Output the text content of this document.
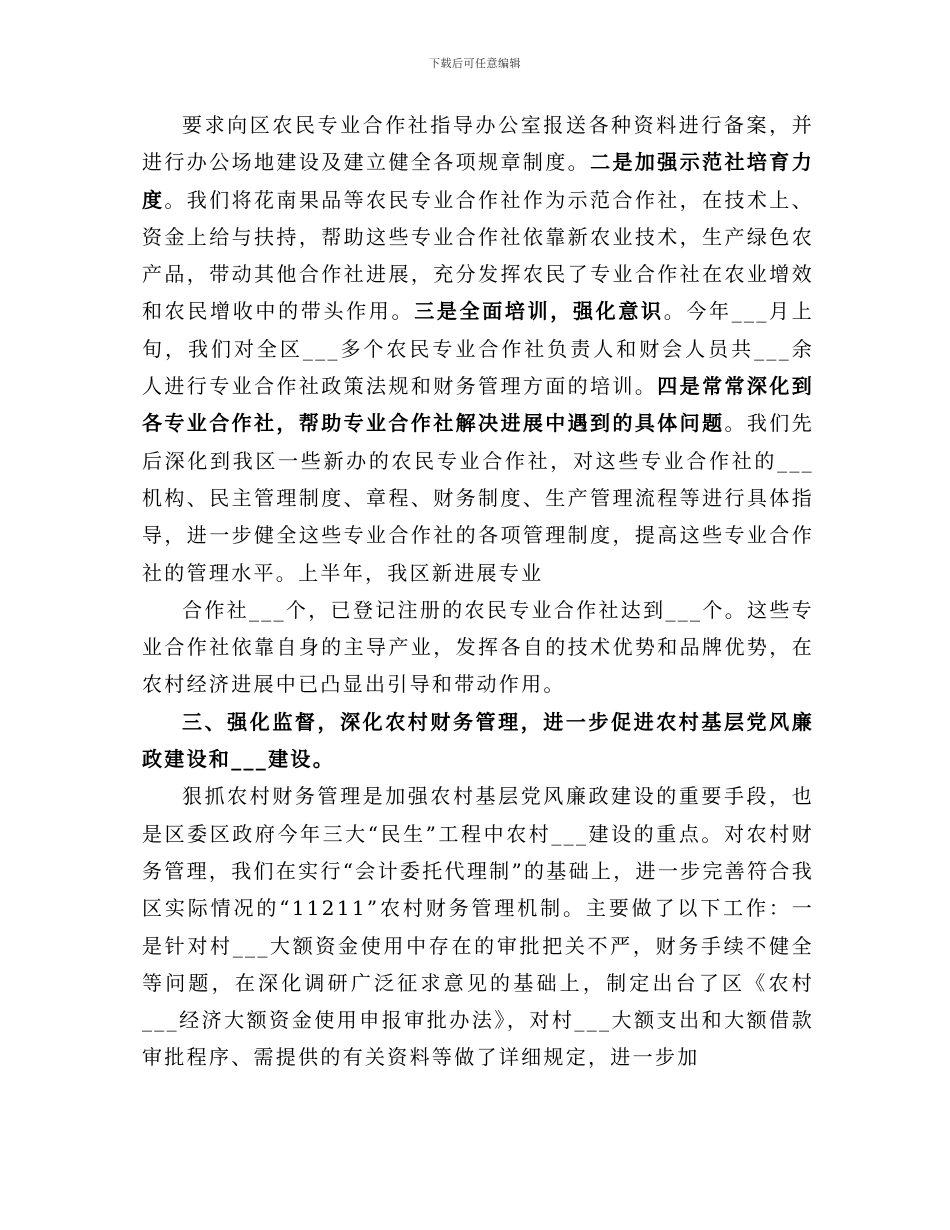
下载后可任意编辑

要求向区农民专业合作社指导办公室报送各种资料进行备案，并进行办公场地建设及建立健全各项规章制度。二是加强示范社培育力度。我们将花南果品等农民专业合作社作为示范合作社，在技术上、资金上给与扶持，帮助这些专业合作社依靠新农业技术，生产绿色农产品，带动其他合作社进展，充分发挥农民了专业合作社在农业增效和农民增收中的带头作用。三是全面培训，强化意识。今年___月上旬，我们对全区___多个农民专业合作社负责人和财会人员共___余人进行专业合作社政策法规和财务管理方面的培训。四是常常深化到各专业合作社，帮助专业合作社解决进展中遇到的具体问题。我们先后深化到我区一些新办的农民专业合作社，对这些专业合作社的___机构、民主管理制度、章程、财务制度、生产管理流程等进行具体指导，进一步健全这些专业合作社的各项管理制度，提高这些专业合作社的管理水平。上半年，我区新进展专业

合作社___个，已登记注册的农民专业合作社达到___个。这些专业合作社依靠自身的主导产业，发挥各自的技术优势和品牌优势，在农村经济进展中已凸显出引导和带动作用。

三、强化监督，深化农村财务管理，进一步促进农村基层党风廉政建设和___建设。

狠抓农村财务管理是加强农村基层党风廉政建设的重要手段，也是区委区政府今年三大“民生”工程中农村___建设的重点。对农村财务管理，我们在实行“会计委托代理制”的基础上，进一步完善符合我区实际情况的“11211”农村财务管理机制。主要做了以下工作：一是针对村___大额资金使用中存在的审批把关不严，财务手续不健全等问题，在深化调研广泛征求意见的基础上，制定出台了区《农村___经济大额资金使用申报审批办法》，对村___大额支出和大额借款审批程序、需提供的有关资料等做了详细规定，进一步加
